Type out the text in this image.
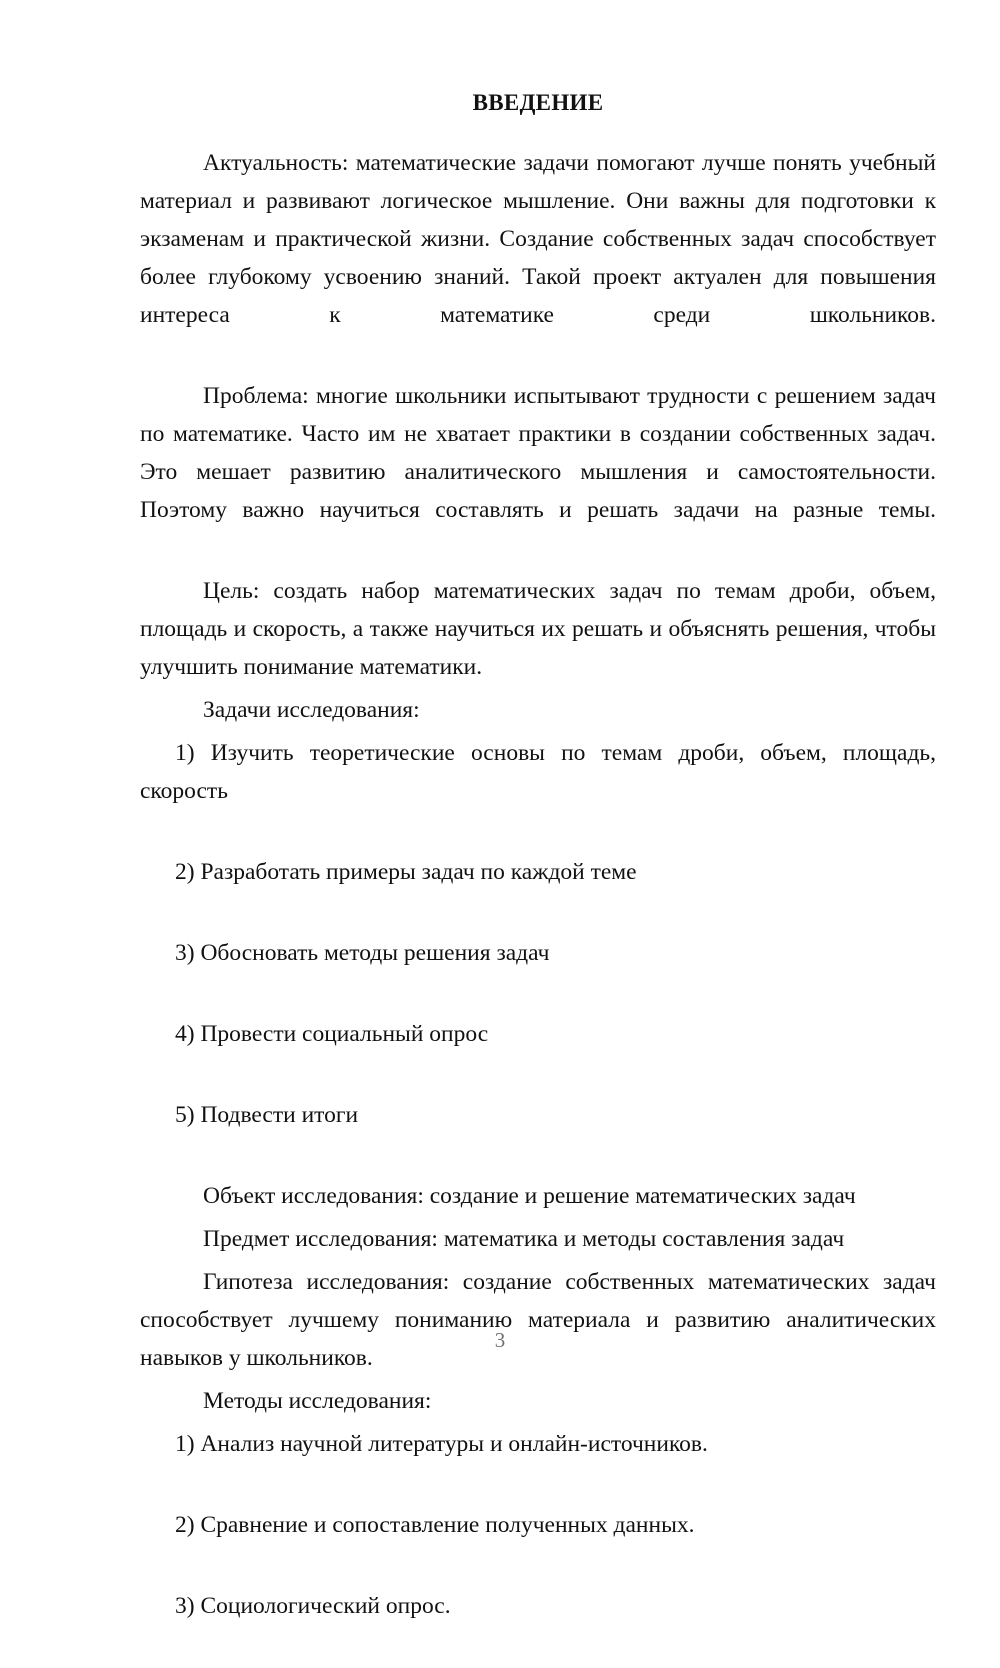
ВВЕДЕНИЕ

Актуальность: математические задачи помогают лучше понять учебный материал и развивают логическое мышление. Они важны для подготовки к экзаменам и практической жизни. Создание собственных задач способствует более глубокому усвоению знаний. Такой проект актуален для повышения интереса к математике среди школьников.

Проблема: многие школьники испытывают трудности с решением задач по математике. Часто им не хватает практики в создании собственных задач. Это мешает развитию аналитического мышления и самостоятельности. Поэтому важно научиться составлять и решать задачи на разные темы.

Цель: создать набор математических задач по темам дроби, объем, площадь и скорость, а также научиться их решать и объяснять решения, чтобы улучшить понимание математики.

Задачи исследования:

1) Изучить теоретические основы по темам дроби, объем, площадь, скорость

2) Разработать примеры задач по каждой теме

3) Обосновать методы решения задач

4) Провести социальный опрос

5) Подвести итоги

Объект исследования: создание и решение математических задач

Предмет исследования: математика и методы составления задач

Гипотеза исследования: создание собственных математических задач способствует лучшему пониманию материала и развитию аналитических навыков у школьников.

Методы исследования:

1) Анализ научной литературы и онлайн-источников.

2) Сравнение и сопоставление полученных данных.

3) Социологический опрос.

3
